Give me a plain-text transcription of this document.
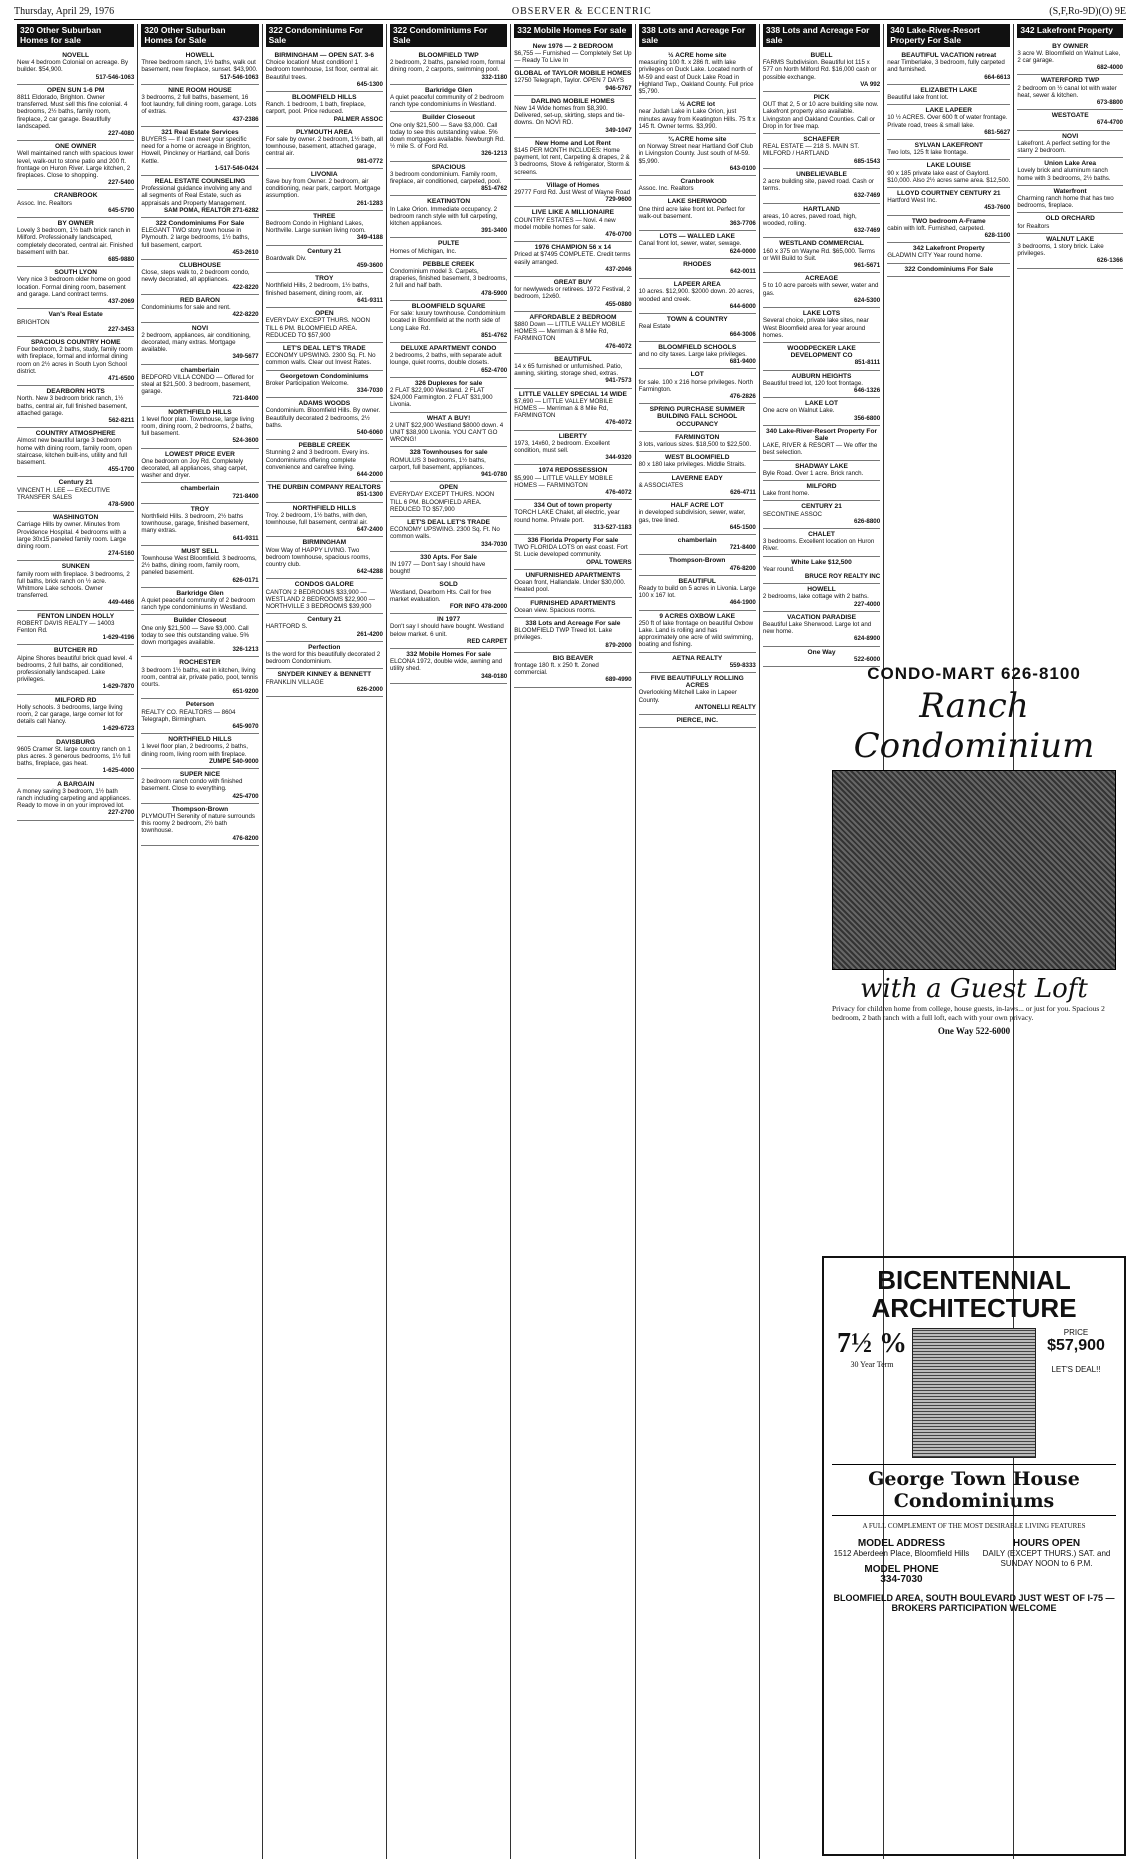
Thursday, April 29, 1976	OBSERVER & ECCENTRIC	(S,F,Ro-9D)(O) 9E
320 Other Suburban Homes for sale
NOVELL
New 4 bedroom Colonial on acreage. By builder. $54,900.
517-546-1063
OPEN SUN 1-6 PM
8811 Eldorado, Brighton. Owner transferred. Must sell this fine colonial. 4 bedrooms, 2½ baths, family room, fireplace, 2 car garage. Beautifully landscaped.
227-4080
ONE OWNER
Well maintained ranch with spacious lower level, walk-out to stone patio and 200 ft. frontage on Huron River. Large kitchen, 2 fireplaces. Close to shopping.
227-5400
CRANBROOK
Assoc. Inc. Realtors
645-5790
BY OWNER
Lovely 3 bedroom, 1½ bath brick ranch in Milford. Professionally landscaped, completely decorated, central air. Finished basement with bar.
685-9880
SOUTH LYON
Very nice 3 bedroom older home on good location. Formal dining room, basement and garage. Land contract terms.
437-2069
Van's Real Estate
BRIGHTON
227-3453
SPACIOUS COUNTRY HOME
Four bedroom, 2 baths, study, family room with fireplace, formal and informal dining room on 2½ acres in South Lyon School district.
471-6500
DEARBORN HGTS
North. New 3 bedroom brick ranch, 1½ baths, central air, full finished basement, attached garage.
562-8211
COUNTRY ATMOSPHERE
Almost new beautiful large 3 bedroom home with dining room, family room, open staircase, kitchen built-ins, utility and full basement.
455-1700
Century 21
VINCENT H. LEE — EXECUTIVE TRANSFER SALES
478-5900
WASHINGTON
Carriage Hills by owner. Minutes from Providence Hospital. 4 bedrooms with a large 30x15 paneled family room. Large dining room.
274-5160
SUNKEN
family room with fireplace. 3 bedrooms, 2 full baths, brick ranch on ½ acre. Whitmore Lake schools. Owner transferred.
449-4466
FENTON LINDEN HOLLY
ROBERT DAVIS REALTY — 14003 Fenton Rd.
1-629-4196
BUTCHER RD
Alpine Shores beautiful brick quad level. 4 bedrooms, 2 full baths, air conditioned, professionally landscaped. Lake privileges.
1-629-7870
MILFORD RD
Holly schools. 3 bedrooms, large living room, 2 car garage, large corner lot for details call Nancy.
1-629-6723
DAVISBURG
9605 Cramer St. large country ranch on 1 plus acres. 3 generous bedrooms, 1½ full baths, fireplace, gas heat.
1-625-4000
A BARGAIN
A money saving 3 bedroom, 1½ bath ranch including carpeting and appliances. Ready to move in on your improved lot.
227-2700
320 Other Suburban Homes for Sale
HOWELL
Three bedroom ranch, 1½ baths, walk out basement, new fireplace, sunset. $43,900.
517-546-1063
NINE ROOM HOUSE
3 bedrooms, 2 full baths, basement, 16 foot laundry, full dining room, garage. Lots of extras.
437-2386
321 Real Estate Services
BUYERS — If I can meet your specific need for a home or acreage in Brighton, Howell, Pinckney or Hartland, call Doris Kettle.
1-517-546-0424
REAL ESTATE COUNSELING
Professional guidance involving any and all segments of Real Estate, such as appraisals and Property Management.
SAM POMA, REALTOR 271-6282
322 Condominiums For Sale
ELEGANT TWO story town house in Plymouth. 2 large bedrooms, 1½ baths, full basement, carport.
453-2610
CLUBHOUSE
Close, steps walk to, 2 bedroom condo, newly decorated, all appliances.
422-8220
RED BARON
Condominiums for sale and rent.
422-8220
NOVI
2 bedroom, appliances, air conditioning, decorated, many extras. Mortgage available.
349-5677
chamberlain
BEDFORD VILLA CONDO — Offered for steal at $21,500. 3 bedroom, basement, garage.
721-8400
NORTHFIELD HILLS
1 level floor plan. Townhouse, large living room, dining room, 2 bedrooms, 2 baths, full basement.
524-3600
LOWEST PRICE EVER
One bedroom on Joy Rd. Completely decorated, all appliances, shag carpet, washer and dryer.
chamberlain
721-8400
TROY
Northfield Hills. 3 bedroom, 2½ baths townhouse, garage, finished basement, many extras.
641-9311
MUST SELL
Townhouse West Bloomfield. 3 bedrooms, 2½ baths, dining room, family room, paneled basement.
626-0171
Barkridge Glen
A quiet peaceful community of 2 bedroom ranch type condominiums in Westland.
Builder Closeout
One only $21,500 — Save $3,000. Call today to see this outstanding value. 5% down mortgages available.
326-1213
ROCHESTER
3 bedroom 1½ baths, eat in kitchen, living room, central air, private patio, pool, tennis courts.
651-9200
Peterson
REALTY CO. REALTORS — 8604 Telegraph, Birmingham.
645-9070
NORTHFIELD HILLS
1 level floor plan, 2 bedrooms, 2 baths, dining room, living room with fireplace.
ZUMPE 540-9000
SUPER NICE
2 bedroom ranch condo with finished basement. Close to everything.
425-4700
Thompson-Brown
PLYMOUTH Serenity of nature surrounds this roomy 2 bedroom, 2½ bath townhouse.
476-8200
322 Condominiums For Sale
BIRMINGHAM — OPEN SAT. 3-6
Choice location! Must condition! 1 bedroom townhouse, 1st floor, central air. Beautiful trees.
645-1300
BLOOMFIELD HILLS
Ranch. 1 bedroom, 1 bath, fireplace, carport, pool. Price reduced.
PALMER ASSOC
PLYMOUTH AREA
For sale by owner. 2 bedroom, 1½ bath, all townhouse, basement, attached garage, central air.
981-0772
LIVONIA
Save buy from Owner. 2 bedroom, air conditioning, near park, carport. Mortgage assumption.
261-1283
THREE
Bedroom Condo in Highland Lakes, Northville. Large sunken living room.
349-4188
Century 21
Boardwalk Div.
459-3600
TROY
Northfield Hills, 2 bedroom, 1½ baths, finished basement, dining room, air.
641-9311
OPEN
EVERYDAY EXCEPT THURS. NOON TILL 6 PM. BLOOMFIELD AREA. REDUCED TO $57,900
LET'S DEAL LET'S TRADE
ECONOMY UPSWING. 2300 Sq. Ft. No common walls. Clear out Invest Rates.
Georgetown Condominiums
Broker Participation Welcome.
334-7030
ADAMS WOODS
Condominium. Bloomfield Hills. By owner. Beautifully decorated 2 bedrooms, 2½ baths.
540-6060
PEBBLE CREEK
Stunning 2 and 3 bedroom. Every ins. Condominiums offering complete convenience and carefree living.
644-2000
THE DURBIN COMPANY REALTORS
851-1300
NORTHFIELD HILLS
Troy. 2 bedroom, 1½ baths, with den, townhouse, full basement, central air.
647-2400
BIRMINGHAM
Wow Way of HAPPY LIVING. Two bedroom townhouse, spacious rooms, country club.
642-4288
CONDOS GALORE
CANTON 2 BEDROOMS $33,900 — WESTLAND 2 BEDROOMS $22,900 — NORTHVILLE 3 BEDROOMS $39,900
Century 21
HARTFORD S.
261-4200
Perfection
Is the word for this beautifully decorated 2 bedroom Condominium.
SNYDER KINNEY & BENNETT
FRANKLIN VILLAGE
626-2000
322 Condominiums For Sale
BLOOMFIELD TWP
2 bedroom, 2 baths, paneled room, formal dining room, 2 carports, swimming pool.
332-1180
Barkridge Glen
A quiet peaceful community of 2 bedroom ranch type condominiums in Westland.
Builder Closeout
One only $21,500 — Save $3,000. Call today to see this outstanding value. 5% down mortgages available. Newburgh Rd. ½ mile S. of Ford Rd.
326-1213
SPACIOUS
3 bedroom condominium. Family room, fireplace, air conditioned, carpeted, pool.
851-4762
KEATINGTON
In Lake Orion. Immediate occupancy. 2 bedroom ranch style with full carpeting, kitchen appliances.
391-3400
PULTE
Homes of Michigan, Inc.
PEBBLE CREEK
Condominium model 3. Carpets, draperies, finished basement, 3 bedrooms, 2 full and half bath.
478-5900
BLOOMFIELD SQUARE
For sale: luxury townhouse. Condominium located in Bloomfield at the north side of Long Lake Rd.
851-4762
DELUXE APARTMENT CONDO
2 bedrooms, 2 baths, with separate adult lounge, quiet rooms, double closets.
652-4700
326 Duplexes for sale
2 FLAT $22,900 Westland. 2 FLAT $24,000 Farmington. 2 FLAT $31,900 Livonia.
WHAT A BUY!
2 UNIT $22,900 Westland $8000 down. 4 UNIT $38,900 Livonia. YOU CAN'T GO WRONG!
328 Townhouses for sale
ROMULUS 3 bedrooms, 1½ baths, carport, full basement, appliances.
941-0780
OPEN
EVERYDAY EXCEPT THURS. NOON TILL 6 PM. BLOOMFIELD AREA. REDUCED TO $57,900
LET'S DEAL LET'S TRADE
ECONOMY UPSWING. 2300 Sq. Ft. No common walls.
334-7030
330 Apts. For Sale
IN 1977 — Don't say I should have bought!
SOLD
Westland, Dearborn Hts. Call for free market evaluation.
FOR INFO 478-2000
IN 1977
Don't say I should have bought. Westland below market. 6 unit.
RED CARPET
332 Mobile Homes For sale
ELCONA 1972, double wide, awning and utility shed.
348-0180
332 Mobile Homes For sale
New 1976 — 2 BEDROOM
$6,755 — Furnished — Completely Set Up — Ready To Live In
GLOBAL of TAYLOR MOBILE HOMES
12750 Telegraph, Taylor. OPEN 7 DAYS
946-5767
DARLING MOBILE HOMES
New 14 Wide homes from $8,390. Delivered, set-up, skirting, steps and tie-downs. On NOVI RD.
349-1047
New Home and Lot Rent
$145 PER MONTH INCLUDES: Home payment, lot rent, Carpeting & drapes, 2 & 3 bedrooms, Stove & refrigerator, Storm & screens.
Village of Homes
29777 Ford Rd. Just West of Wayne Road
729-9600
LIVE LIKE A MILLIONAIRE
COUNTRY ESTATES — Novi. 4 new model mobile homes for sale.
476-0700
1976 CHAMPION 56 x 14
Priced at $7495 COMPLETE. Credit terms easily arranged.
437-2046
GREAT BUY
for newlyweds or retirees. 1972 Festival, 2 bedroom, 12x60.
455-0880
AFFORDABLE 2 BEDROOM
$880 Down — LITTLE VALLEY MOBILE HOMES — Merriman & 8 Mile Rd, FARMINGTON
476-4072
BEAUTIFUL
14 x 65 furnished or unfurnished. Patio, awning, skirting, storage shed, extras.
941-7573
LITTLE VALLEY SPECIAL 14 WIDE
$7,690 — LITTLE VALLEY MOBILE HOMES — Merriman & 8 Mile Rd, FARMINGTON
476-4072
LIBERTY
1973, 14x60, 2 bedroom. Excellent condition, must sell.
344-9320
1974 REPOSSESSION
$5,990 — LITTLE VALLEY MOBILE HOMES — FARMINGTON
476-4072
334 Out of town property
TORCH LAKE Chalet, all electric, year round home. Private port.
313-527-1183
336 Florida Property For sale
TWO FLORIDA LOTS on east coast. Fort St. Lucie developed community.
OPAL TOWERS
UNFURNISHED APARTMENTS
Ocean front, Hallandale. Under $30,000. Heated pool.
FURNISHED APARTMENTS
Ocean view. Spacious rooms.
338 Lots and Acreage For sale
BLOOMFIELD TWP Treed lot. Lake privileges.
879-2000
BIG BEAVER
frontage 180 ft. x 250 ft. Zoned commercial.
689-4990
338 Lots and Acreage For sale
½ ACRE home site
measuring 100 ft. x 286 ft. with lake privileges on Duck Lake. Located north of M-59 and east of Duck Lake Road in Highland Twp., Oakland County. Full price $5,790.
½ ACRE lot
near Judah Lake in Lake Orion, just minutes away from Keatington Hills. 75 ft x 145 ft. Owner terms. $3,990.
¾ ACRE home site
on Norway Street near Hartland Golf Club in Livingston County. Just south of M-59. $5,990.
643-0100
Cranbrook
Assoc. Inc. Realtors
LAKE SHERWOOD
One third acre lake front lot. Perfect for walk-out basement.
363-7706
LOTS — WALLED LAKE
Canal front lot, sewer, water, sewage.
624-0000
RHODES
642-0011
LAPEER AREA
10 acres. $12,900. $2000 down. 20 acres, wooded and creek.
644-6000
TOWN & COUNTRY
Real Estate
664-3006
BLOOMFIELD SCHOOLS
and no city taxes. Large lake privileges.
681-9400
LOT
for sale. 100 x 216 horse privileges. North Farmington.
476-2826
SPRING PURCHASE SUMMER BUILDING FALL SCHOOL OCCUPANCY
FARMINGTON
3 lots, various sizes. $18,500 to $22,500.
WEST BLOOMFIELD
80 x 180 lake privileges. Middle Straits.
LAVERNE EADY
& ASSOCIATES
626-4711
HALF ACRE LOT
in developed subdivision, sewer, water, gas, tree lined.
645-1500
chamberlain
721-8400
Thompson-Brown
476-8200
BEAUTIFUL
Ready to build on 5 acres in Livonia. Large 100 x 167 lot.
464-1900
9 ACRES OXBOW LAKE
250 ft of lake frontage on beautiful Oxbow Lake. Land is rolling and has approximately one acre of wild swimming, boating and fishing.
AETNA REALTY
559-8333
FIVE BEAUTIFULLY ROLLING ACRES
Overlooking Mitchell Lake in Lapeer County.
ANTONELLI REALTY
PIERCE, INC.
338 Lots and Acreage For sale
BUELL
FARMS Subdivision. Beautiful lot 115 x 577 on North Milford Rd. $16,000 cash or possible exchange.
VA 992
PICK
OUT that 2, 5 or 10 acre building site now. Lakefront property also available. Livingston and Oakland Counties. Call or Drop in for free map.
SCHAEFER
REAL ESTATE — 218 S. MAIN ST. MILFORD / HARTLAND
685-1543
UNBELIEVABLE
2 acre building site, paved road. Cash or terms.
632-7469
HARTLAND
areas, 10 acres, paved road, high, wooded, rolling.
632-7469
WESTLAND COMMERCIAL
160 x 375 on Wayne Rd. $65,000. Terms or Will Build to Suit.
961-5671
ACREAGE
5 to 10 acre parcels with sewer, water and gas.
624-5300
LAKE LOTS
Several choice, private lake sites, near West Bloomfield area for year around homes.
WOODPECKER LAKE DEVELOPMENT CO
851-8111
AUBURN HEIGHTS
Beautiful treed lot, 120 foot frontage.
646-1326
LAKE LOT
One acre on Walnut Lake.
356-6800
340 Lake-River-Resort Property For Sale
LAKE, RIVER & RESORT — We offer the best selection.
SHADWAY LAKE
Byle Road. Over 1 acre. Brick ranch.
MILFORD
Lake front home.
CENTURY 21
SECONTINE ASSOC
626-8800
CHALET
3 bedrooms. Excellent location on Huron River.
White Lake $12,500
Year round.
BRUCE ROY REALTY INC
HOWELL
2 bedrooms, lake cottage with 2 baths.
227-4000
VACATION PARADISE
Beautiful Lake Sherwood. Large lot and new home.
624-8900
One Way
522-6000
340 Lake-River-Resort Property For Sale
BEAUTIFUL VACATION retreat
near Timberlake, 3 bedroom, fully carpeted and furnished.
664-6613
ELIZABETH LAKE
Beautiful lake front lot.
LAKE LAPEER
10 ½ ACRES. Over 600 ft of water frontage. Private road, trees & small lake.
681-5627
SYLVAN LAKEFRONT
Two lots, 125 ft lake frontage.
LAKE LOUISE
90 x 185 private lake east of Gaylord. $10,000. Also 2½ acres same area. $12,500.
LLOYD COURTNEY CENTURY 21
Hartford West Inc.
453-7600
TWO bedroom A-Frame
cabin with loft. Furnished, carpeted.
628-1100
342 Lakefront Property
GLADWIN CITY Year round home.
322 Condominiums For Sale
342 Lakefront Property
BY OWNER
3 acre W. Bloomfield on Walnut Lake, 2 car garage.
682-4000
WATERFORD TWP
2 bedroom on ½ canal lot with water heat, sewer & kitchen.
673-8800
WESTGATE
674-4700
NOVI
Lakefront. A perfect setting for the starry 2 bedroom.
Union Lake Area
Lovely brick and aluminum ranch home with 3 bedrooms, 2½ baths.
Waterfront
Charming ranch home that has two bedrooms, fireplace.
OLD ORCHARD
for Realtors
WALNUT LAKE
3 bedrooms, 1 story brick. Lake privileges.
626-1366
CONDO-MART 626-8100
Ranch Condominium
with a Guest Loft
Privacy for children home from college, house guests, in-laws... or just for you. Spacious 2 bedroom, 2 bath ranch with a full loft, each with your own privacy.
One Way 522-6000
BICENTENNIAL ARCHITECTURE
7½ %
30 Year Term
PRICE
$57,900
LET'S DEAL!!
George Town House Condominiums
A FULL COMPLEMENT OF THE MOST DESIRABLE LIVING FEATURES
MODEL ADDRESS
1512 Aberdeen Place, Bloomfield Hills
MODEL PHONE
334-7030
HOURS OPEN
DAILY (EXCEPT THURS.) SAT. and SUNDAY NOON to 6 P.M.
BLOOMFIELD AREA, SOUTH BOULEVARD JUST WEST OF I-75 — BROKERS PARTICIPATION WELCOME
